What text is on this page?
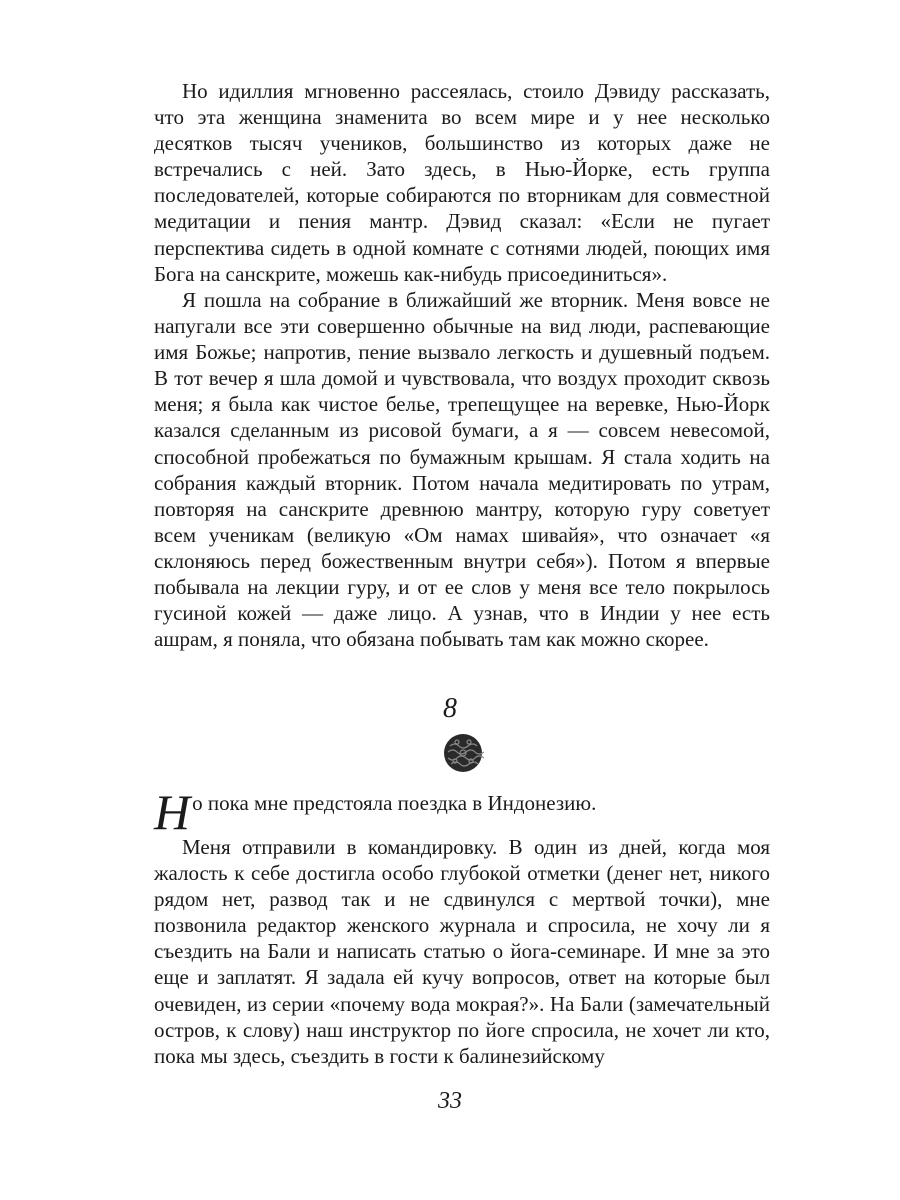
Но идиллия мгновенно рассеялась, стоило Дэвиду рассказать, что эта женщина знаменита во всем мире и у нее несколько десятков тысяч учеников, большинство из которых даже не встречались с ней. Зато здесь, в Нью-Йорке, есть группа последователей, которые собираются по вторникам для совместной медитации и пения мантр. Дэвид сказал: «Если не пугает перспектива сидеть в одной комнате с сотнями людей, поющих имя Бога на санскрите, можешь как-нибудь присоединиться».

Я пошла на собрание в ближайший же вторник. Меня вовсе не напугали все эти совершенно обычные на вид люди, распевающие имя Божье; напротив, пение вызвало легкость и душевный подъем. В тот вечер я шла домой и чувствовала, что воздух проходит сквозь меня; я была как чистое белье, трепещущее на веревке, Нью-Йорк казался сделанным из рисовой бумаги, а я — совсем невесомой, способной пробежаться по бумажным крышам. Я стала ходить на собрания каждый вторник. Потом начала медитировать по утрам, повторяя на санскрите древнюю мантру, которую гуру советует всем ученикам (великую «Ом намах шивайя», что означает «я склоняюсь перед божественным внутри себя»). Потом я впервые побывала на лекции гуру, и от ее слов у меня все тело покрылось гусиной кожей — даже лицо. А узнав, что в Индии у нее есть ашрам, я поняла, что обязана побывать там как можно скорее.

8

Но пока мне предстояла поездка в Индонезию.

Меня отправили в командировку. В один из дней, когда моя жалость к себе достигла особо глубокой отметки (денег нет, никого рядом нет, развод так и не сдвинулся с мертвой точки), мне позвонила редактор женского журнала и спросила, не хочу ли я съездить на Бали и написать статью о йога-семинаре. И мне за это еще и заплатят. Я задала ей кучу вопросов, ответ на которые был очевиден, из серии «почему вода мокрая?». На Бали (замечательный остров, к слову) наш инструктор по йоге спросила, не хочет ли кто, пока мы здесь, съездить в гости к балинезийскому

33
